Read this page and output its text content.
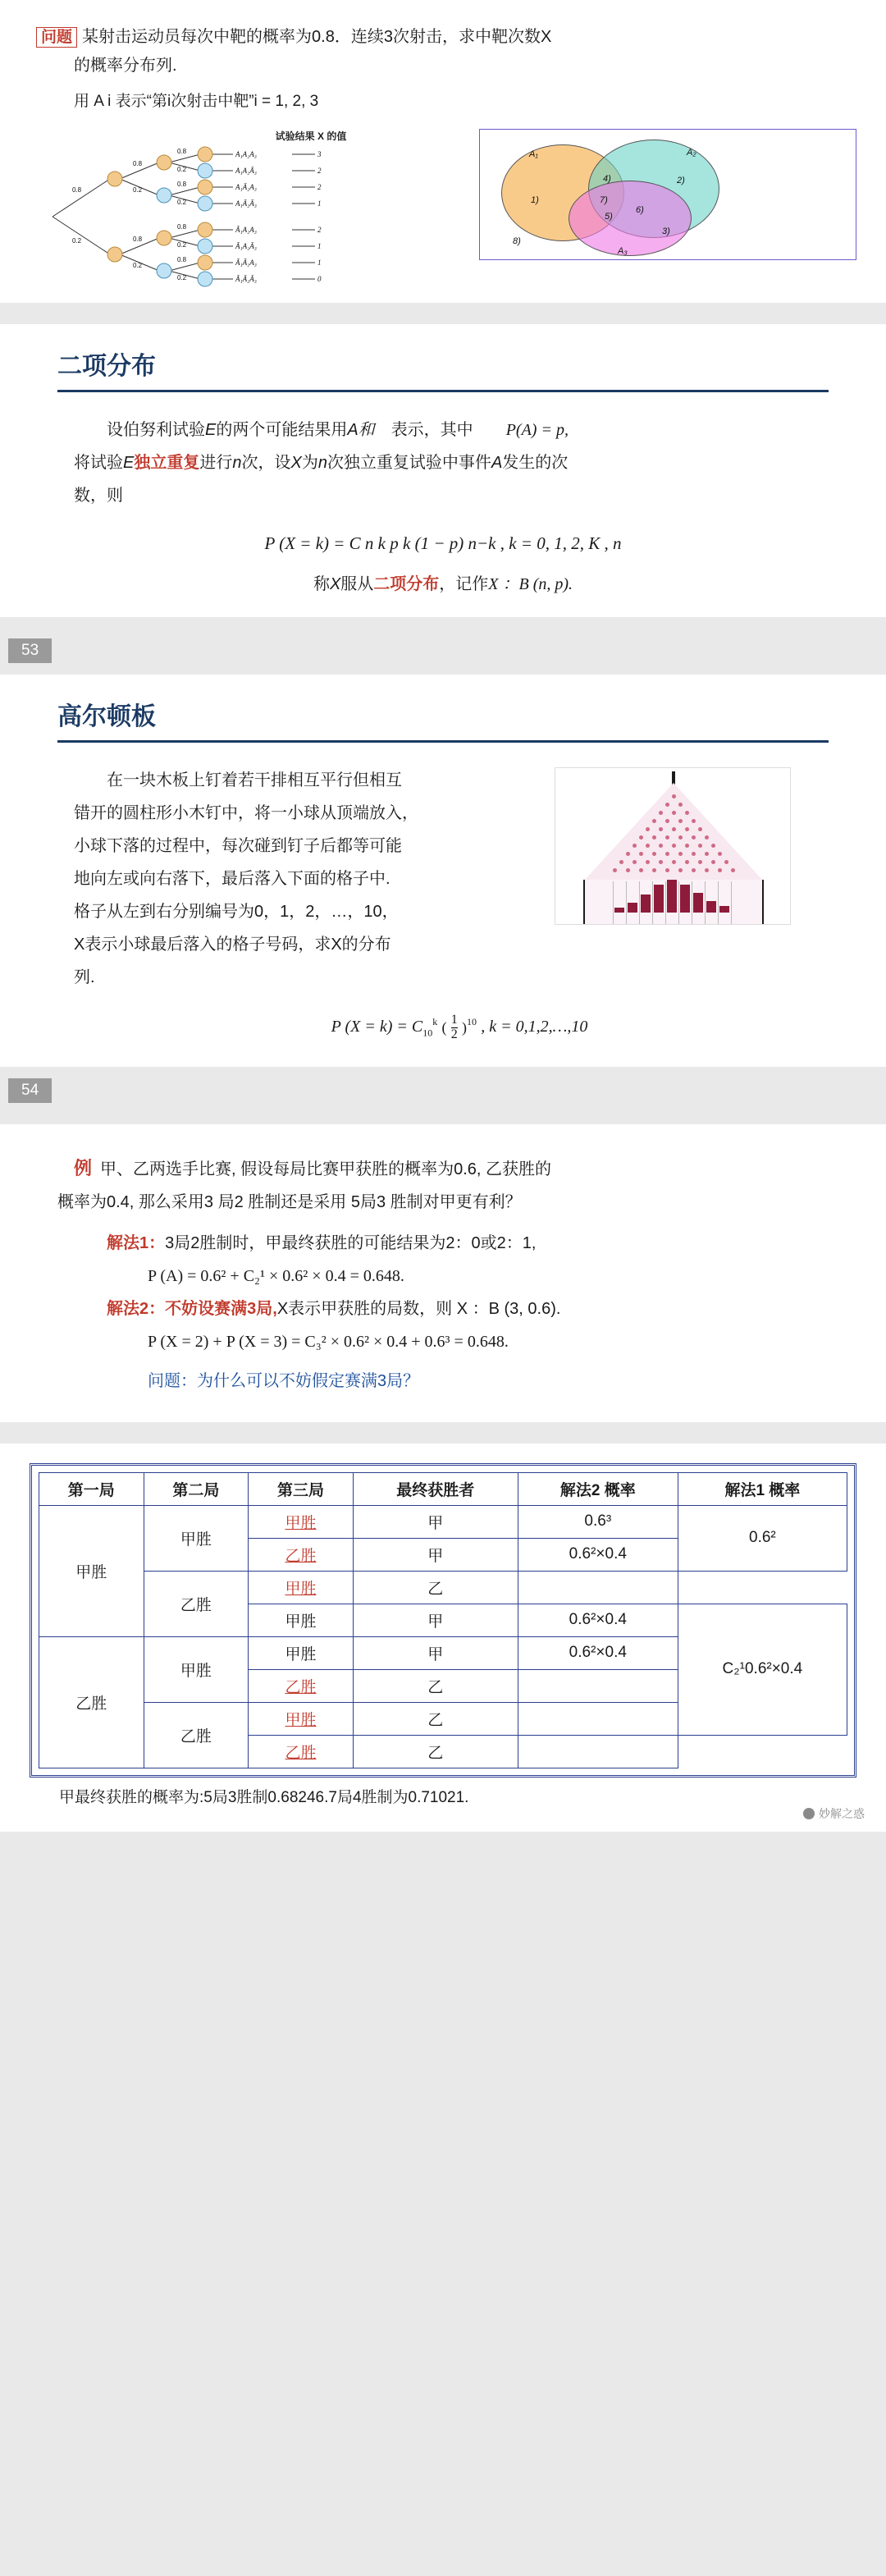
问题 某射击运动员每次中靶的概率为0.8．连续3次射击，求中靶次数X
的概率分布列.
用 A i 表示“第i次射击中靶”i = 1, 2, 3
试验结果 X 的值
0.8
0.2
0.8
0.2
0.8
0.2
0.8
0.2
0.8
0.2
0.8
0.2
0.8
0.2
A₁A₂A₃	3
A₁A₂Ā₃	2
A₁Ā₂A₃	2
A₁Ā₂Ā₃	1
Ā₁A₂A₃	2
Ā₁A₂Ā₃	1
Ā₁Ā₂A₃	1
Ā₁Ā₂Ā₃	0
A₁	A₂
A₃
1)
2)
3)
4)
5)
6)
7)
8)
二项分布
　　设伯努利试验E的两个可能结果用A和　 表示，其中　　 P(A) = p,
将试验E独立重复进行n次，设X为n次独立重复试验中事件A发生的次
数，则
P (X = k) = C n k p k (1 − p) n−k , k = 0, 1, 2, K , n
称X服从二项分布，记作X ：B (n, p).
53
高尔顿板
　　在一块木板上钉着若干排相互平行但相互
错开的圆柱形小木钉中，将一小球从顶端放入，
小球下落的过程中，每次碰到钉子后都等可能
地向左或向右落下，最后落入下面的格子中.
格子从左到右分别编号为0，1，2，…，10，
X表示小球最后落入的格子号码，求X的分布
列.
P $(X = k) = C_{10}^k$ ( $\frac{1}{2} )^{10}$ , k = 0,1,2,…,10
54
　例 甲、乙两选手比赛, 假设每局比赛甲获胜的概率为0.6, 乙获胜的
概率为0.4, 那么采用3 局2 胜制还是采用 5局3 胜制对甲更有利？
解法1：3局2胜制时，甲最终获胜的可能结果为2：0或2：1,
P (A) = 0.6² + C₂¹ × 0.6² × 0.4 = 0.648.
解法2：不妨设赛满3局,X表示甲获胜的局数，则 X ：B (3, 0.6).
P (X = 2) + P (X = 3) = C₃² × 0.6² × 0.4 + 0.6³ = 0.648.
问题：为什么可以不妨假定赛满3局？
第一局	第二局	第三局	最终获胜者	解法2 概率	解法1 概率
甲胜	甲胜	甲胜	甲	0.6³	0.6²
		乙胜	甲	0.6²×0.4	
	乙胜	甲胜	乙		
		甲胜	甲	0.6²×0.4	C₂¹0.6²×0.4
乙胜	甲胜	甲胜	甲	0.6²×0.4	
		乙胜	乙		
	乙胜	甲胜	乙		
		乙胜	乙		
甲最终获胜的概率为:5局3胜制0.68246.7局4胜制为0.71021.
妙解之惑
